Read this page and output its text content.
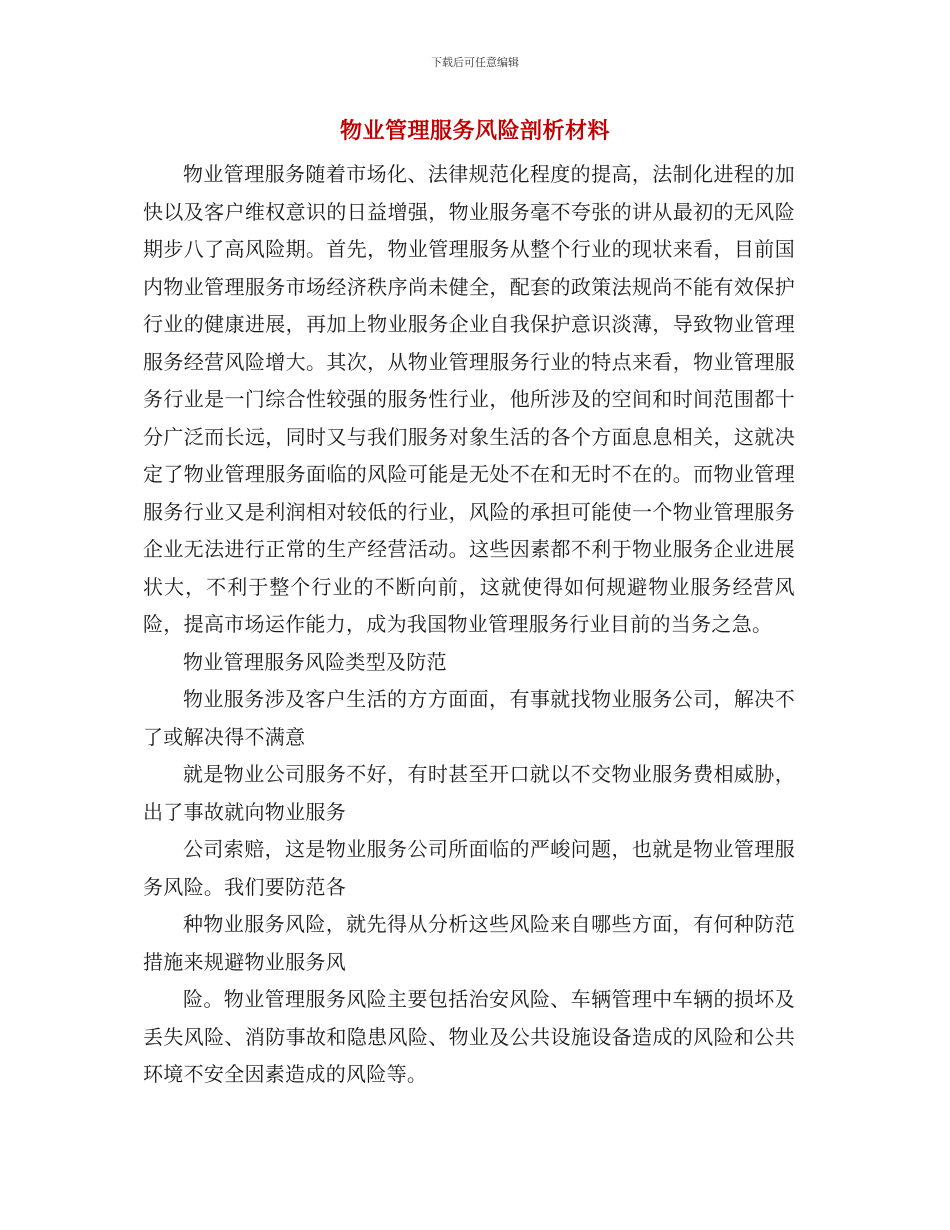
下载后可任意编辑
物业管理服务风险剖析材料

物业管理服务随着市场化、法律规范化程度的提高，法制化进程的加快以及客户维权意识的日益增强，物业服务毫不夸张的讲从最初的无风险期步八了高风险期。首先，物业管理服务从整个行业的现状来看，目前国内物业管理服务市场经济秩序尚未健全，配套的政策法规尚不能有效保护行业的健康进展，再加上物业服务企业自我保护意识淡薄，导致物业管理服务经营风险增大。其次，从物业管理服务行业的特点来看，物业管理服务行业是一门综合性较强的服务性行业，他所涉及的空间和时间范围都十分广泛而长远，同时又与我们服务对象生活的各个方面息息相关，这就决定了物业管理服务面临的风险可能是无处不在和无时不在的。而物业管理服务行业又是利润相对较低的行业，风险的承担可能使一个物业管理服务企业无法进行正常的生产经营活动。这些因素都不利于物业服务企业进展状大，不利于整个行业的不断向前，这就使得如何规避物业服务经营风险，提高市场运作能力，成为我国物业管理服务行业目前的当务之急。

物业管理服务风险类型及防范

物业服务涉及客户生活的方方面面，有事就找物业服务公司，解决不了或解决得不满意

就是物业公司服务不好，有时甚至开口就以不交物业服务费相威胁，出了事故就向物业服务

公司索赔，这是物业服务公司所面临的严峻问题，也就是物业管理服务风险。我们要防范各

种物业服务风险，就先得从分析这些风险来自哪些方面，有何种防范措施来规避物业服务风

险。物业管理服务风险主要包括治安风险、车辆管理中车辆的损坏及丢失风险、消防事故和隐患风险、物业及公共设施设备造成的风险和公共环境不安全因素造成的风险等。
